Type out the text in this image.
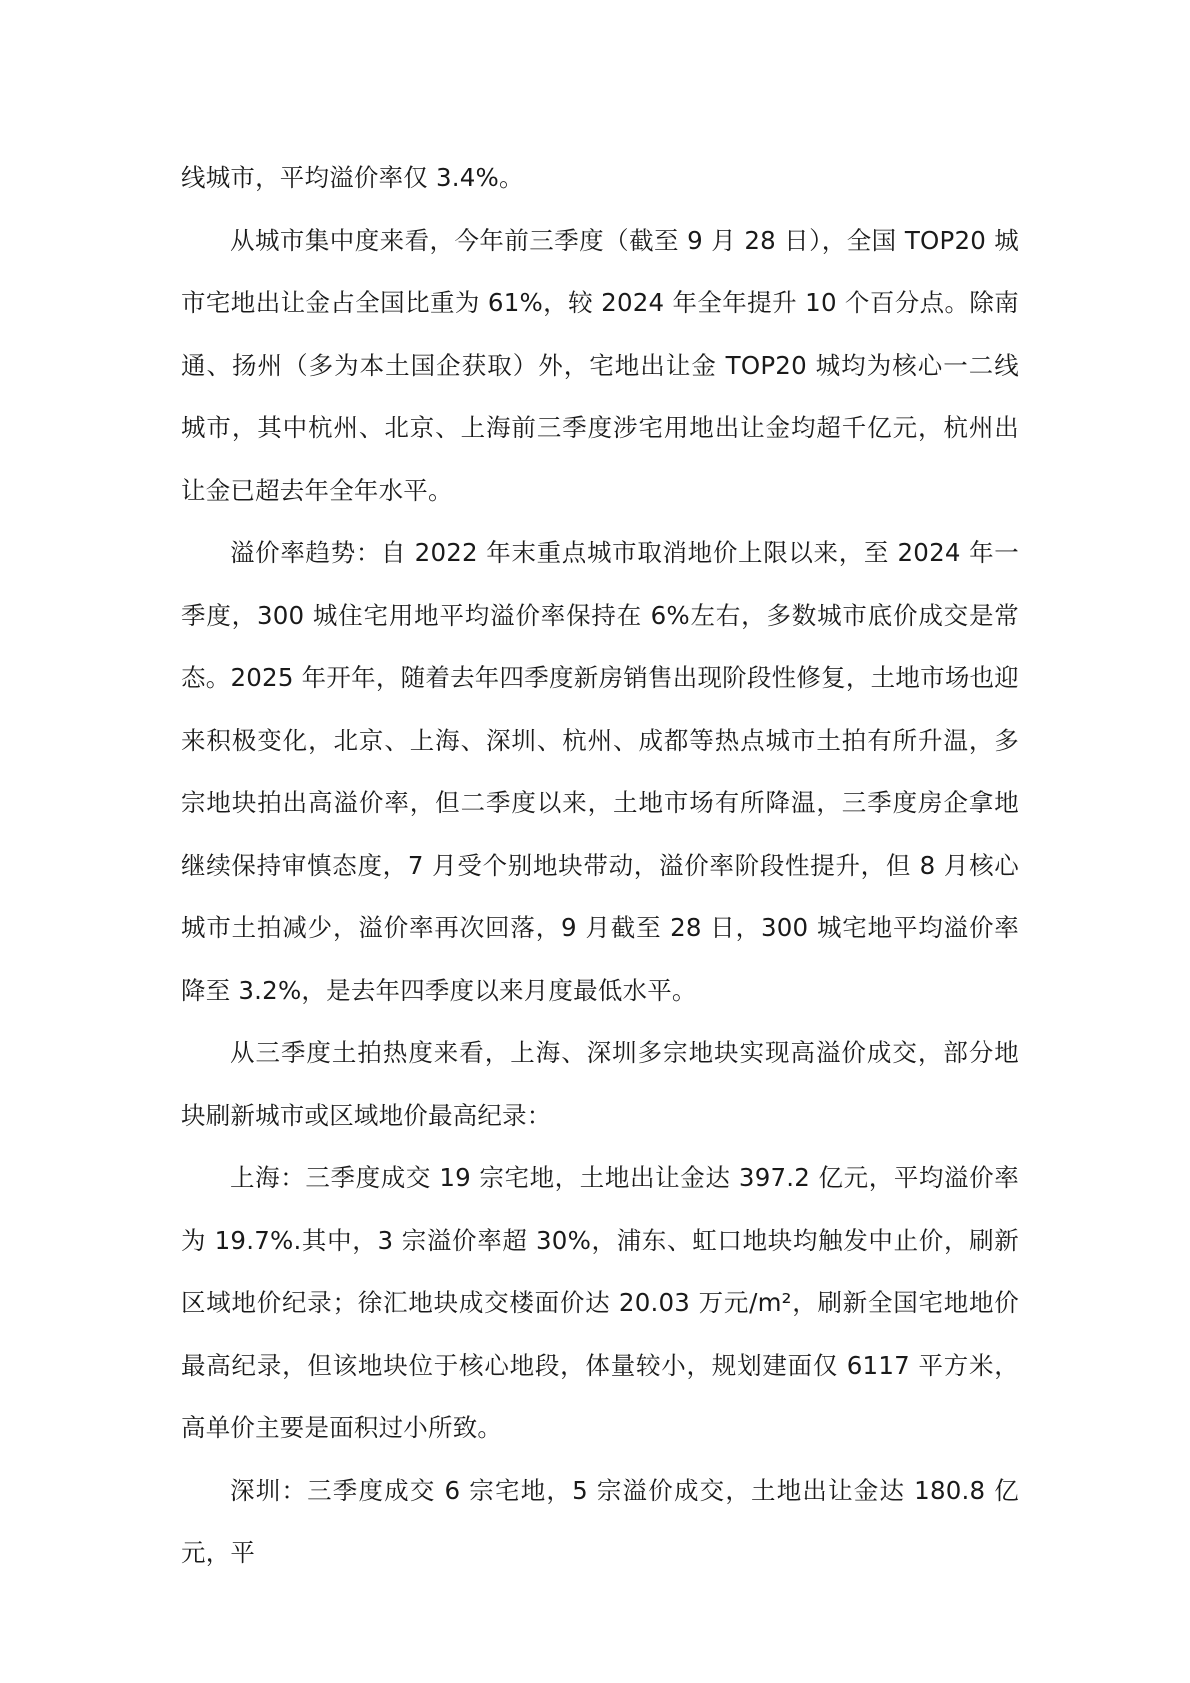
线城市，平均溢价率仅 3.4%。

从城市集中度来看，今年前三季度（截至 9 月 28 日），全国 TOP20 城市宅地出让金占全国比重为 61%，较 2024 年全年提升 10 个百分点。除南通、扬州（多为本土国企获取）外，宅地出让金 TOP20 城均为核心一二线城市，其中杭州、北京、上海前三季度涉宅用地出让金均超千亿元，杭州出让金已超去年全年水平。

溢价率趋势：自 2022 年末重点城市取消地价上限以来，至 2024 年一季度，300 城住宅用地平均溢价率保持在 6%左右，多数城市底价成交是常态。2025 年开年，随着去年四季度新房销售出现阶段性修复，土地市场也迎来积极变化，北京、上海、深圳、杭州、成都等热点城市土拍有所升温，多宗地块拍出高溢价率，但二季度以来，土地市场有所降温，三季度房企拿地继续保持审慎态度，7 月受个别地块带动，溢价率阶段性提升，但 8 月核心城市土拍减少，溢价率再次回落，9 月截至 28 日，300 城宅地平均溢价率降至 3.2%，是去年四季度以来月度最低水平。

从三季度土拍热度来看，上海、深圳多宗地块实现高溢价成交，部分地块刷新城市或区域地价最高纪录：

上海：三季度成交 19 宗宅地，土地出让金达 397.2 亿元，平均溢价率为 19.7%.其中，3 宗溢价率超 30%，浦东、虹口地块均触发中止价，刷新区域地价纪录；徐汇地块成交楼面价达 20.03 万元/m²，刷新全国宅地地价最高纪录，但该地块位于核心地段，体量较小，规划建面仅 6117 平方米，高单价主要是面积过小所致。

深圳：三季度成交 6 宗宅地，5 宗溢价成交，土地出让金达 180.8 亿元，平
